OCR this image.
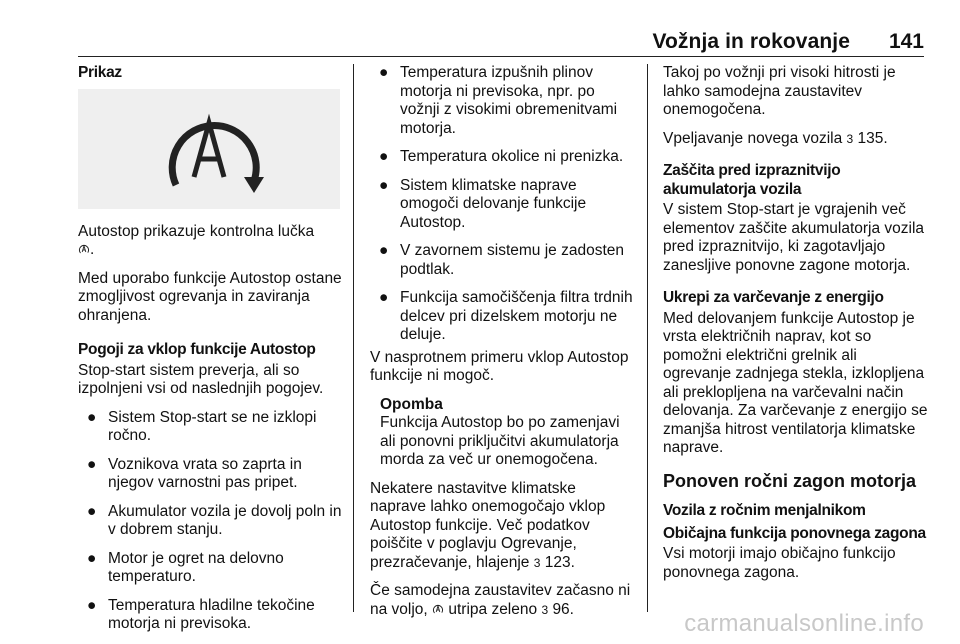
Vožnja in rokovanje 141

Prikaz

Autostop prikazuje kontrolna lučka
.

Med uporabo funkcije Autostop ostane zmogljivost ogrevanja in zaviranja ohranjena.

Pogoji za vklop funkcije Autostop

Stop-start sistem preverja, ali so izpolnjeni vsi od naslednjih pogojev.

● Sistem Stop-start se ne izklopi ročno.
● Voznikova vrata so zaprta in njegov varnostni pas pripet.
● Akumulator vozila je dovolj poln in v dobrem stanju.
● Motor je ogret na delovno temperaturo.
● Temperatura hladilne tekočine motorja ni previsoka.
● Temperatura izpušnih plinov motorja ni previsoka, npr. po vožnji z visokimi obremenitvami motorja.
● Temperatura okolice ni prenizka.
● Sistem klimatske naprave omogoči delovanje funkcije Autostop.
● V zavornem sistemu je zadosten podtlak.
● Funkcija samočiščenja filtra trdnih delcev pri dizelskem motorju ne deluje.

V nasprotnem primeru vklop Autostop funkcije ni mogoč.

Opomba
Funkcija Autostop bo po zamenjavi ali ponovni priključitvi akumulatorja morda za več ur onemogočena.

Nekatere nastavitve klimatske naprave lahko onemogočajo vklop Autostop funkcije. Več podatkov poiščite v poglavju Ogrevanje, prezračevanje, hlajenje 3 123.

Če samodejna zaustavitev začasno ni na voljo, utripa zeleno 3 96.

Takoj po vožnji pri visoki hitrosti je lahko samodejna zaustavitev onemogočena.

Vpeljavanje novega vozila 3 135.

Zaščita pred izpraznitvijo akumulatorja vozila

V sistem Stop-start je vgrajenih več elementov zaščite akumulatorja vozila pred izpraznitvijo, ki zagotavljajo zanesljive ponovne zagone motorja.

Ukrepi za varčevanje z energijo

Med delovanjem funkcije Autostop je vrsta električnih naprav, kot so pomožni električni grelnik ali ogrevanje zadnjega stekla, izklopljena ali preklopljena na varčevalni način delovanja. Za varčevanje z energijo se zmanjša hitrost ventilatorja klimatske naprave.

Ponoven ročni zagon motorja

Vozila z ročnim menjalnikom

Običajna funkcija ponovnega zagona

Vsi motorji imajo običajno funkcijo ponovnega zagona.

carmanualsonline.info
